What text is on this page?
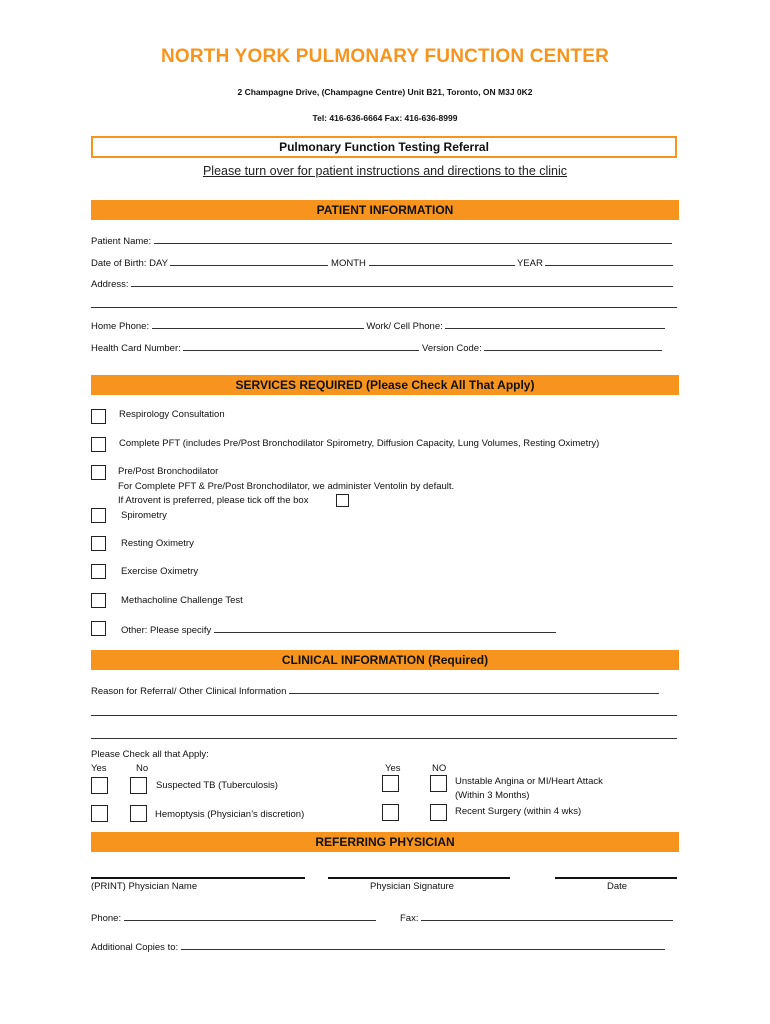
NORTH YORK PULMONARY FUNCTION CENTER
2 Champagne Drive, (Champagne Centre) Unit B21, Toronto, ON M3J 0K2
Tel: 416-636-6664 Fax: 416-636-8999
Pulmonary Function Testing Referral
Please turn over for patient instructions and directions to the clinic
PATIENT INFORMATION
Patient Name:
Date of Birth: DAY	MONTH	YEAR
Address:
Home Phone:	Work/ Cell Phone:
Health Card Number:	Version Code:
SERVICES REQUIRED (Please Check All That Apply)
Respirology Consultation
Complete PFT (includes Pre/Post Bronchodilator Spirometry, Diffusion Capacity, Lung Volumes, Resting Oximetry)
Pre/Post Bronchodilator
For Complete PFT & Pre/Post Bronchodilator, we administer Ventolin by default.
If Atrovent is preferred, please tick off the box
Spirometry
Resting Oximetry
Exercise Oximetry
Methacholine Challenge Test
Other: Please specify
CLINICAL INFORMATION (Required)
Reason for Referral/ Other Clinical Information
Please Check all that Apply:
Yes	No	Yes	NO
Suspected TB (Tuberculosis)
Hemoptysis (Physician’s discretion)
Unstable Angina or MI/Heart Attack
(Within 3 Months)
Recent Surgery (within 4 wks)
REFERRING PHYSICIAN
(PRINT) Physician Name	Physician Signature	Date
Phone:	Fax:
Additional Copies to:
